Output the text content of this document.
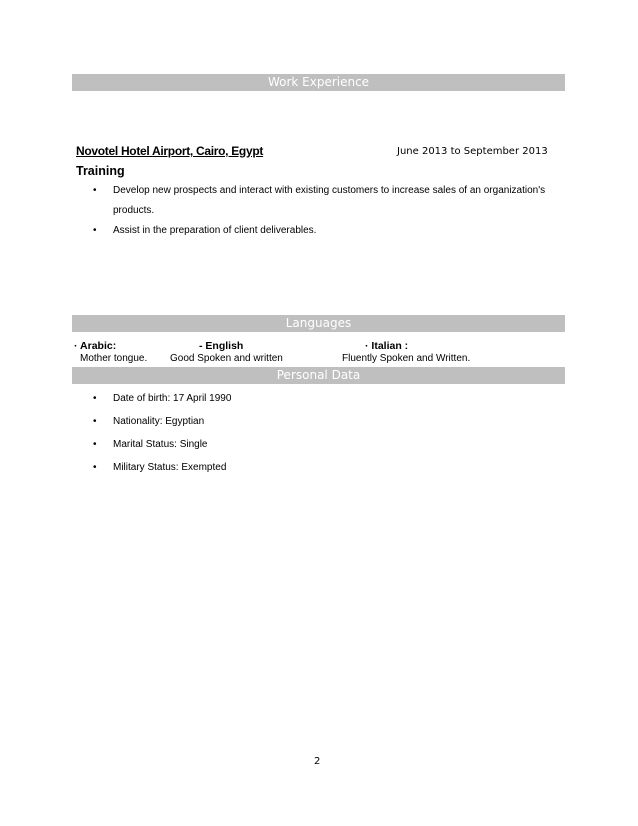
Work Experience
Novotel Hotel Airport, Cairo, Egypt	June 2013 to September 2013
Training
• Develop new prospects and interact with existing customers to increase sales of an organization's
products.
• Assist in the preparation of client deliverables.
Languages
· Arabic:
Mother tongue.
- English
Good Spoken and written
· Italian :
Fluently Spoken and Written.
Personal Data
• Date of birth: 17 April 1990
• Nationality: Egyptian
• Marital Status: Single
• Military Status: Exempted
2
